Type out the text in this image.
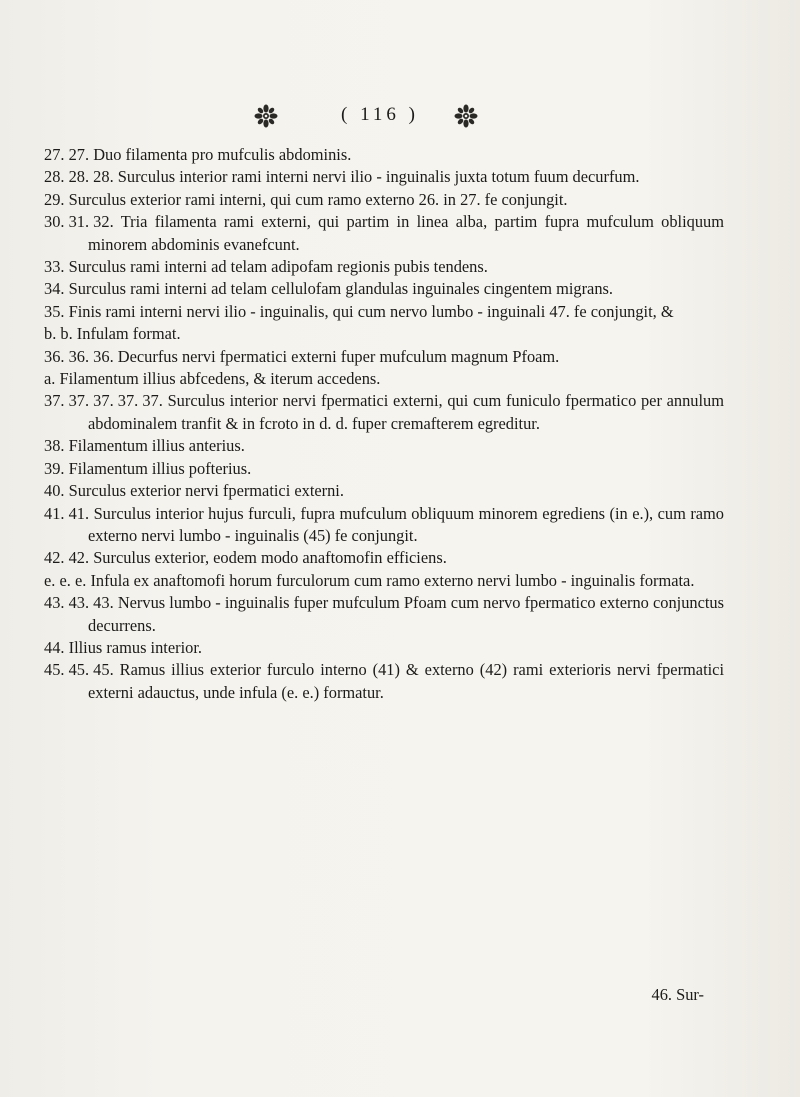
( 116 )

27. 27. Duo filamenta pro mufculis abdominis.

28. 28. 28. Surculus interior rami interni nervi ilio - inguinalis juxta totum fuum decurfum.

29. Surculus exterior rami interni, qui cum ramo externo 26. in 27. fe conjungit.

30. 31. 32. Tria filamenta rami externi, qui partim in linea alba, partim fupra mufculum obliquum minorem abdominis evanefcunt.

33. Surculus rami interni ad telam adipofam regionis pubis tendens.

34. Surculus rami interni ad telam cellulofam glandulas inguinales cingentem migrans.

35. Finis rami interni nervi ilio - inguinalis, qui cum nervo lumbo - inguinali 47. fe conjungit, &

b. b. Infulam format.

36. 36. 36. Decurfus nervi fpermatici externi fuper mufculum magnum Pfoam.

a. Filamentum illius abfcedens, & iterum accedens.

37. 37. 37. 37. 37. Surculus interior nervi fpermatici externi, qui cum funiculo fpermatico per annulum abdominalem tranfit & in fcroto in d. d. fuper cremafterem egreditur.

38. Filamentum illius anterius.

39. Filamentum illius pofterius.

40. Surculus exterior nervi fpermatici externi.

41. 41. Surculus interior hujus furculi, fupra mufculum obliquum minorem egrediens (in e.), cum ramo externo nervi lumbo - inguinalis (45) fe conjungit.

42. 42. Surculus exterior, eodem modo anaftomofin efficiens.

e. e. e. Infula ex anaftomofi horum furculorum cum ramo externo nervi lumbo - inguinalis formata.

43. 43. 43. Nervus lumbo - inguinalis fuper mufculum Pfoam cum nervo fpermatico externo conjunctus decurrens.

44. Illius ramus interior.

45. 45. 45. Ramus illius exterior furculo interno (41) & externo (42) rami exterioris nervi fpermatici externi adauctus, unde infula (e. e.) formatur.

46. Sur-
